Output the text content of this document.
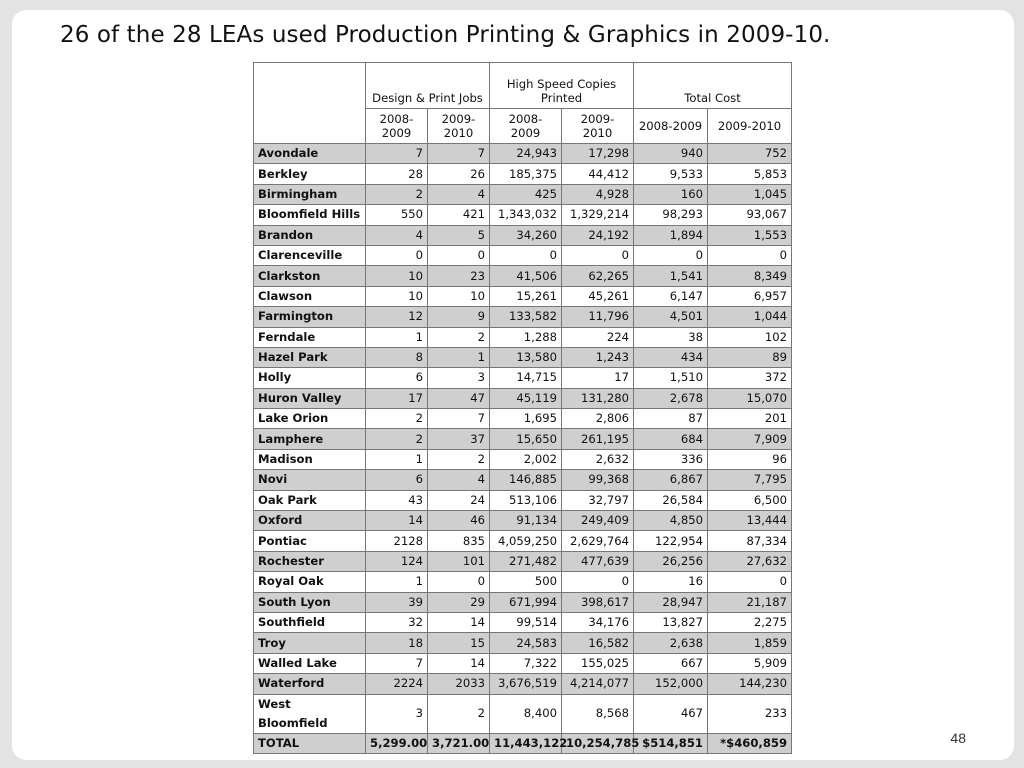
26 of the 28 LEAs used Production Printing & Graphics in 2009-10.
	Design & Print Jobs		High Speed Copies Printed		Total Cost	
	2008-2009	2009-2010	2008-2009	2009-2010	2008-2009	2009-2010
Avondale	7	7	24,943	17,298	940	752
Berkley	28	26	185,375	44,412	9,533	5,853
Birmingham	2	4	425	4,928	160	1,045
Bloomfield Hills	550	421	1,343,032	1,329,214	98,293	93,067
Brandon	4	5	34,260	24,192	1,894	1,553
Clarenceville	0	0	0	0	0	0
Clarkston	10	23	41,506	62,265	1,541	8,349
Clawson	10	10	15,261	45,261	6,147	6,957
Farmington	12	9	133,582	11,796	4,501	1,044
Ferndale	1	2	1,288	224	38	102
Hazel Park	8	1	13,580	1,243	434	89
Holly	6	3	14,715	17	1,510	372
Huron Valley	17	47	45,119	131,280	2,678	15,070
Lake Orion	2	7	1,695	2,806	87	201
Lamphere	2	37	15,650	261,195	684	7,909
Madison	1	2	2,002	2,632	336	96
Novi	6	4	146,885	99,368	6,867	7,795
Oak Park	43	24	513,106	32,797	26,584	6,500
Oxford	14	46	91,134	249,409	4,850	13,444
Pontiac	2128	835	4,059,250	2,629,764	122,954	87,334
Rochester	124	101	271,482	477,639	26,256	27,632
Royal Oak	1	0	500	0	16	0
South Lyon	39	29	671,994	398,617	28,947	21,187
Southfield	32	14	99,514	34,176	13,827	2,275
Troy	18	15	24,583	16,582	2,638	1,859
Walled Lake	7	14	7,322	155,025	667	5,909
Waterford	2224	2033	3,676,519	4,214,077	152,000	144,230
West Bloomfield	3	2	8,400	8,568	467	233
TOTAL	5,299.00	3,721.00	11,443,122	10,254,785	$514,851	*$460,859	48
